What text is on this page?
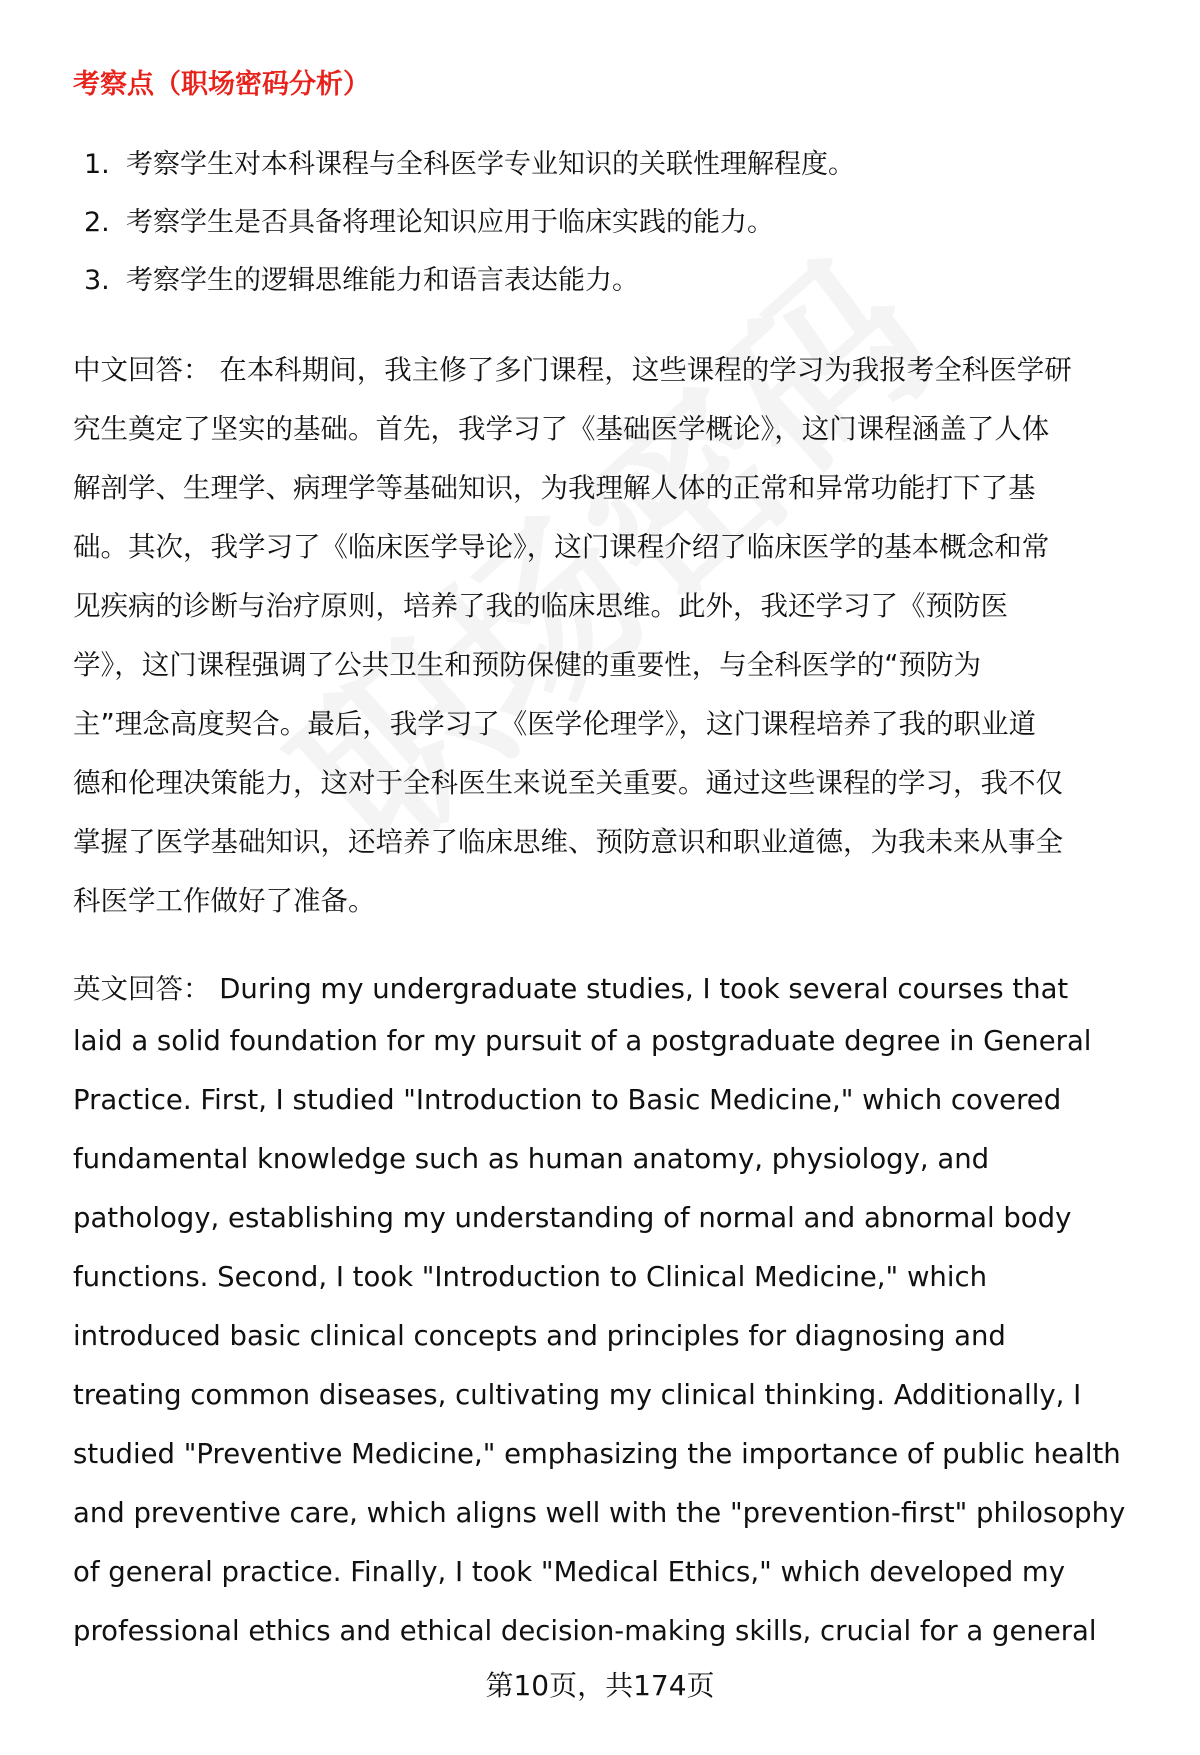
考察点（职场密码分析）
1. 考察学生对本科课程与全科医学专业知识的关联性理解程度。
2. 考察学生是否具备将理论知识应用于临床实践的能力。
3. 考察学生的逻辑思维能力和语言表达能力。
中文回答： 在本科期间，我主修了多门课程，这些课程的学习为我报考全科医学研
究生奠定了坚实的基础。首先，我学习了《基础医学概论》，这门课程涵盖了人体
解剖学、生理学、病理学等基础知识，为我理解人体的正常和异常功能打下了基
础。其次，我学习了《临床医学导论》，这门课程介绍了临床医学的基本概念和常
见疾病的诊断与治疗原则，培养了我的临床思维。此外，我还学习了《预防医
学》，这门课程强调了公共卫生和预防保健的重要性，与全科医学的“预防为
主”理念高度契合。最后，我学习了《医学伦理学》，这门课程培养了我的职业道
德和伦理决策能力，这对于全科医生来说至关重要。通过这些课程的学习，我不仅
掌握了医学基础知识，还培养了临床思维、预防意识和职业道德，为我未来从事全
科医学工作做好了准备。
英文回答： During my undergraduate studies, I took several courses that
laid a solid foundation for my pursuit of a postgraduate degree in General
Practice. First, I studied "Introduction to Basic Medicine," which covered
fundamental knowledge such as human anatomy, physiology, and
pathology, establishing my understanding of normal and abnormal body
functions. Second, I took "Introduction to Clinical Medicine," which
introduced basic clinical concepts and principles for diagnosing and
treating common diseases, cultivating my clinical thinking. Additionally, I
studied "Preventive Medicine," emphasizing the importance of public health
and preventive care, which aligns well with the "prevention-first" philosophy
of general practice. Finally, I took "Medical Ethics," which developed my
professional ethics and ethical decision-making skills, crucial for a general
第10页，共174页
